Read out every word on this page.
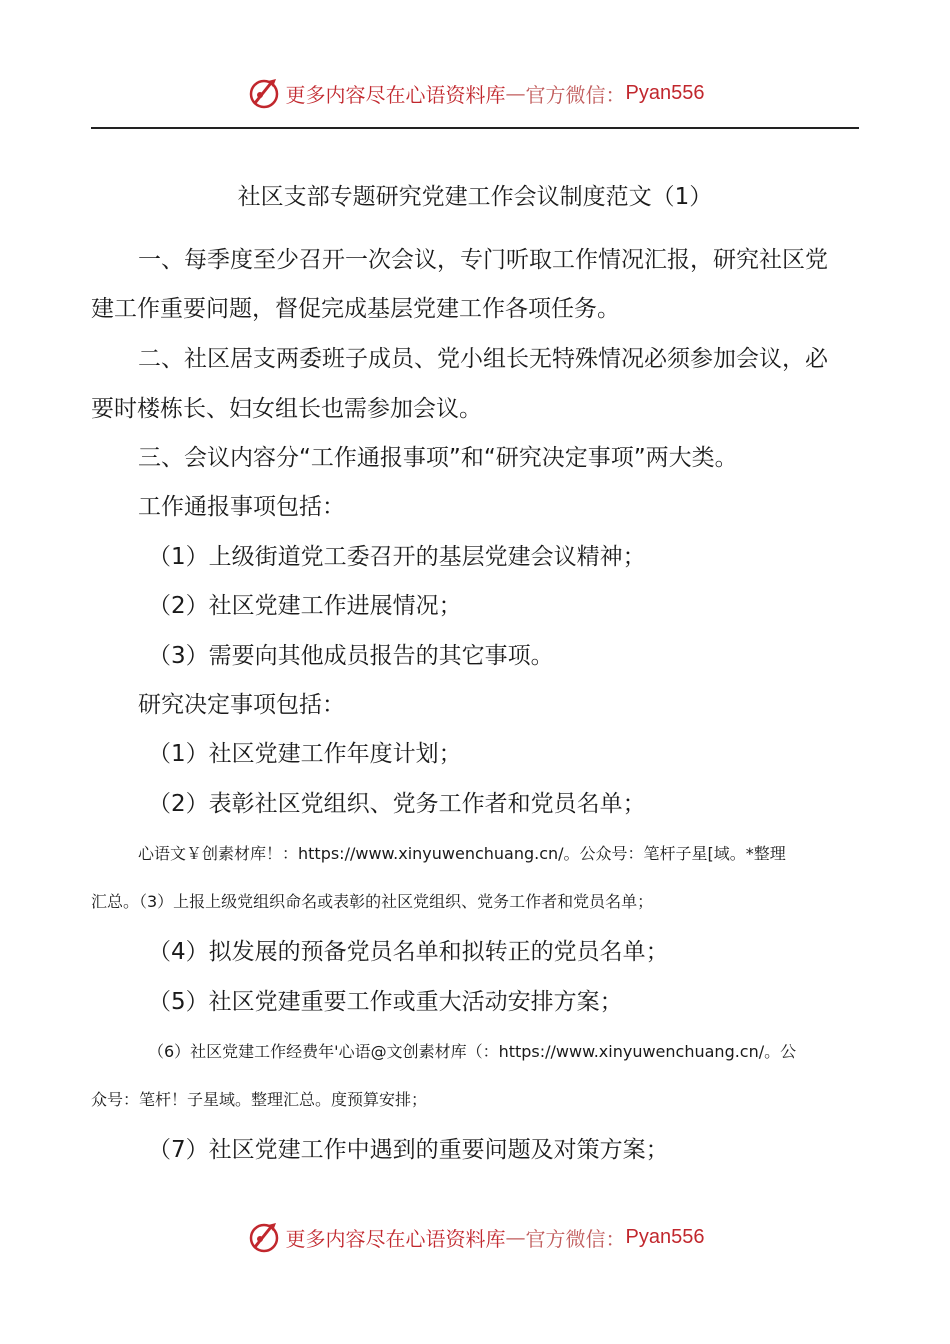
更多内容尽在心语资料库 — 官方微信： Pyan556
社区支部专题研究党建工作会议制度范文（1）
一、每季度至少召开一次会议，专门听取工作情况汇报，研究社区党
建工作重要问题，督促完成基层党建工作各项任务。
二、社区居支两委班子成员、党小组长无特殊情况必须参加会议，必
要时楼栋长、妇女组长也需参加会议。
三、会议内容分“工作通报事项”和“研究决定事项”两大类。
工作通报事项包括：
（1）上级街道党工委召开的基层党建会议精神；
（2）社区党建工作进展情况；
（3）需要向其他成员报告的其它事项。
研究决定事项包括：
（1）社区党建工作年度计划；
（2）表彰社区党组织、党务工作者和党员名单；
心语文￥创素材库！：https://www.xinyuwenchuang.cn/。公众号：笔杆子星[域。*整理
汇总。（3）上报上级党组织命名或表彰的社区党组织、党务工作者和党员名单；
（4）拟发展的预备党员名单和拟转正的党员名单；
（5）社区党建重要工作或重大活动安排方案；
（6）社区党建工作经费年'心语@文创素材库（：https://www.xinyuwenchuang.cn/。公
众号：笔杆！子星域。整理汇总。度预算安排；
（7）社区党建工作中遇到的重要问题及对策方案；
更多内容尽在心语资料库 — 官方微信： Pyan556
